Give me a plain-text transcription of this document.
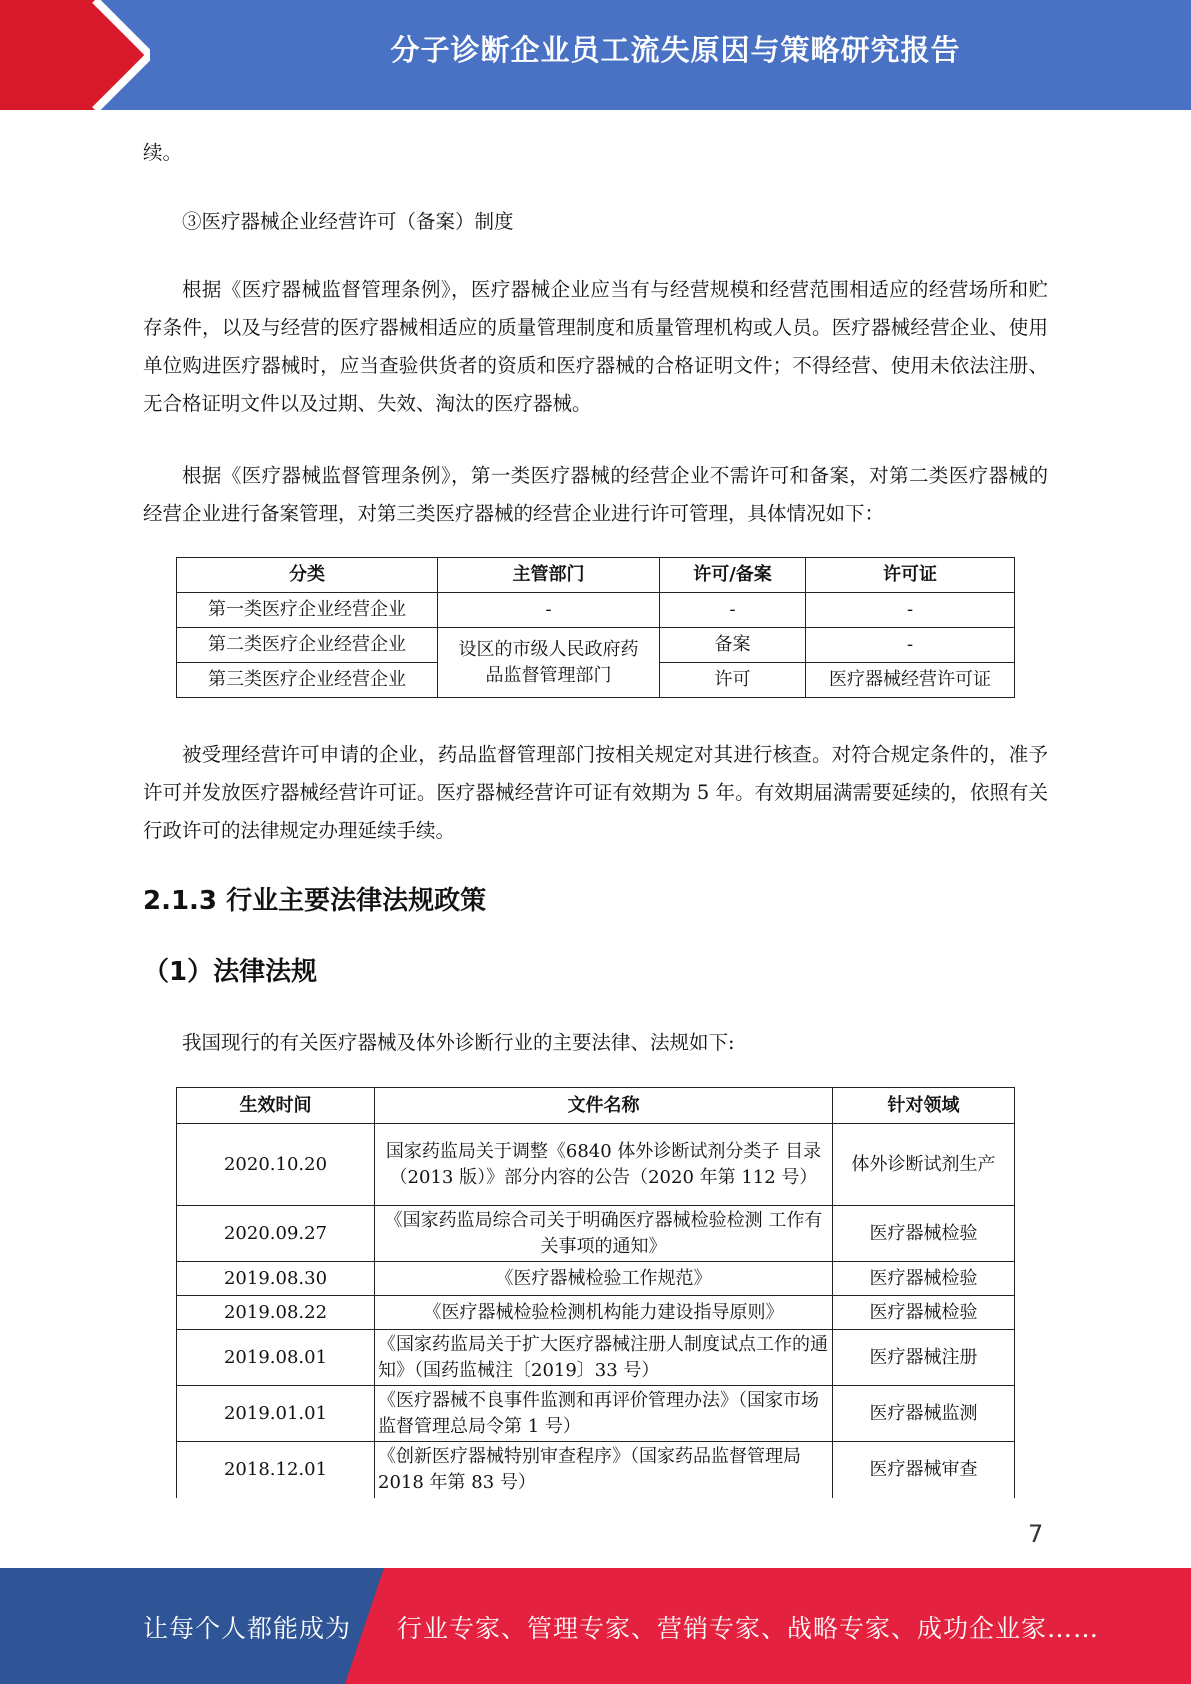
分子诊断企业员工流失原因与策略研究报告

续。

③医疗器械企业经营许可（备案）制度

根据《医疗器械监督管理条例》，医疗器械企业应当有与经营规模和经营范围相适应的经营场所和贮存条件，以及与经营的医疗器械相适应的质量管理制度和质量管理机构或人员。医疗器械经营企业、使用单位购进医疗器械时，应当查验供货者的资质和医疗器械的合格证明文件；不得经营、使用未依法注册、无合格证明文件以及过期、失效、淘汰的医疗器械。

根据《医疗器械监督管理条例》，第一类医疗器械的经营企业不需许可和备案，对第二类医疗器械的经营企业进行备案管理，对第三类医疗器械的经营企业进行许可管理，具体情况如下：

分类	主管部门	许可/备案	许可证
第一类医疗企业经营企业	-	-	-
第二类医疗企业经营企业	设区的市级人民政府药品监督管理部门	备案	-
第三类医疗企业经营企业		许可	医疗器械经营许可证

被受理经营许可申请的企业，药品监督管理部门按相关规定对其进行核查。对符合规定条件的，准予许可并发放医疗器械经营许可证。医疗器械经营许可证有效期为 5 年。有效期届满需要延续的，依照有关行政许可的法律规定办理延续手续。

2.1.3 行业主要法律法规政策
（1）法律法规

我国现行的有关医疗器械及体外诊断行业的主要法律、法规如下:

生效时间	文件名称	针对领域
2020.10.20	国家药监局关于调整《6840 体外诊断试剂分类子 目录（2013 版）》部分内容的公告（2020 年第 112 号）	体外诊断试剂生产
2020.09.27	《国家药监局综合司关于明确医疗器械检验检测 工作有关事项的通知》	医疗器械检验
2019.08.30	《医疗器械检验工作规范》	医疗器械检验
2019.08.22	《医疗器械检验检测机构能力建设指导原则》	医疗器械检验
2019.08.01	《国家药监局关于扩大医疗器械注册人制度试点工作的通知》（国药监械注〔2019〕33 号）	医疗器械注册
2019.01.01	《医疗器械不良事件监测和再评价管理办法》（国家市场监督管理总局令第 1 号）	医疗器械监测
2018.12.01	《创新医疗器械特别审查程序》（国家药品监督管理局 2018 年第 83 号）	医疗器械审查
7
让每个人都能成为 行业专家、管理专家、营销专家、战略专家、成功企业家……
